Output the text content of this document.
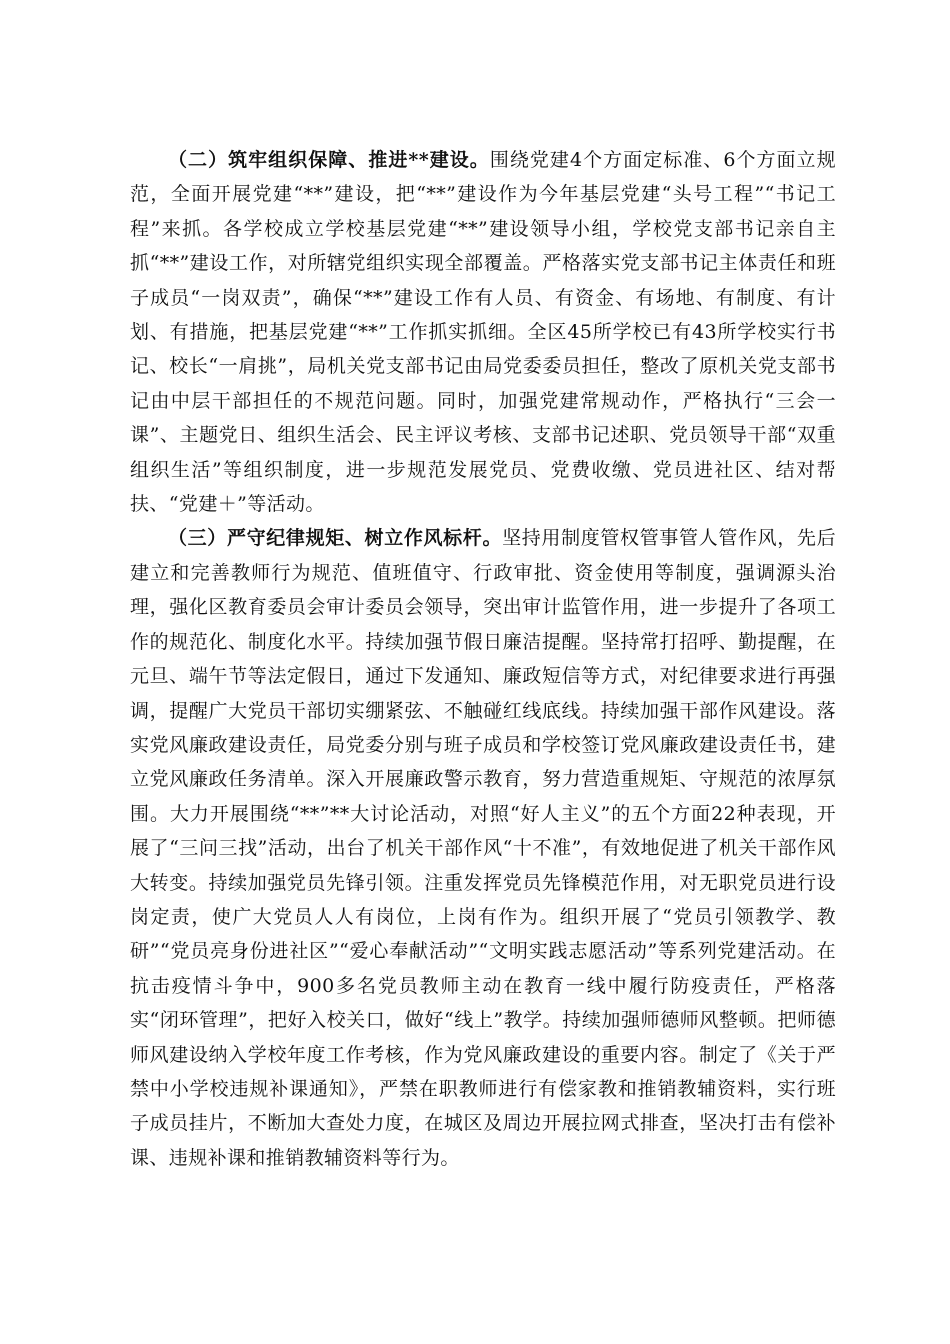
（二）筑牢组织保障、推进**建设。围绕党建4个方面定标准、6个方面立规范，全面开展党建“**”建设，把“**”建设作为今年基层党建“头号工程”“书记工程”来抓。各学校成立学校基层党建“**”建设领导小组，学校党支部书记亲自主抓“**”建设工作，对所辖党组织实现全部覆盖。严格落实党支部书记主体责任和班子成员“一岗双责”，确保“**”建设工作有人员、有资金、有场地、有制度、有计划、有措施，把基层党建“**”工作抓实抓细。全区45所学校已有43所学校实行书记、校长“一肩挑”，局机关党支部书记由局党委委员担任，整改了原机关党支部书记由中层干部担任的不规范问题。同时，加强党建常规动作，严格执行“三会一课”、主题党日、组织生活会、民主评议考核、支部书记述职、党员领导干部“双重组织生活”等组织制度，进一步规范发展党员、党费收缴、党员进社区、结对帮扶、“党建＋”等活动。

（三）严守纪律规矩、树立作风标杆。坚持用制度管权管事管人管作风，先后建立和完善教师行为规范、值班值守、行政审批、资金使用等制度，强调源头治理，强化区教育委员会审计委员会领导，突出审计监管作用，进一步提升了各项工作的规范化、制度化水平。持续加强节假日廉洁提醒。坚持常打招呼、勤提醒，在元旦、端午节等法定假日，通过下发通知、廉政短信等方式，对纪律要求进行再强调，提醒广大党员干部切实绷紧弦、不触碰红线底线。持续加强干部作风建设。落实党风廉政建设责任，局党委分别与班子成员和学校签订党风廉政建设责任书，建立党风廉政任务清单。深入开展廉政警示教育，努力营造重规矩、守规范的浓厚氛围。大力开展围绕“**”**大讨论活动，对照“好人主义”的五个方面22种表现，开展了“三问三找”活动，出台了机关干部作风“十不准”，有效地促进了机关干部作风大转变。持续加强党员先锋引领。注重发挥党员先锋模范作用，对无职党员进行设岗定责，使广大党员人人有岗位，上岗有作为。组织开展了“党员引领教学、教研”“党员亮身份进社区”“爱心奉献活动”“文明实践志愿活动”等系列党建活动。在抗击疫情斗争中，900多名党员教师主动在教育一线中履行防疫责任，严格落实“闭环管理”，把好入校关口，做好“线上”教学。持续加强师德师风整顿。把师德师风建设纳入学校年度工作考核，作为党风廉政建设的重要内容。制定了《关于严禁中小学校违规补课通知》，严禁在职教师进行有偿家教和推销教辅资料，实行班子成员挂片，不断加大查处力度，在城区及周边开展拉网式排查，坚决打击有偿补课、违规补课和推销教辅资料等行为。
